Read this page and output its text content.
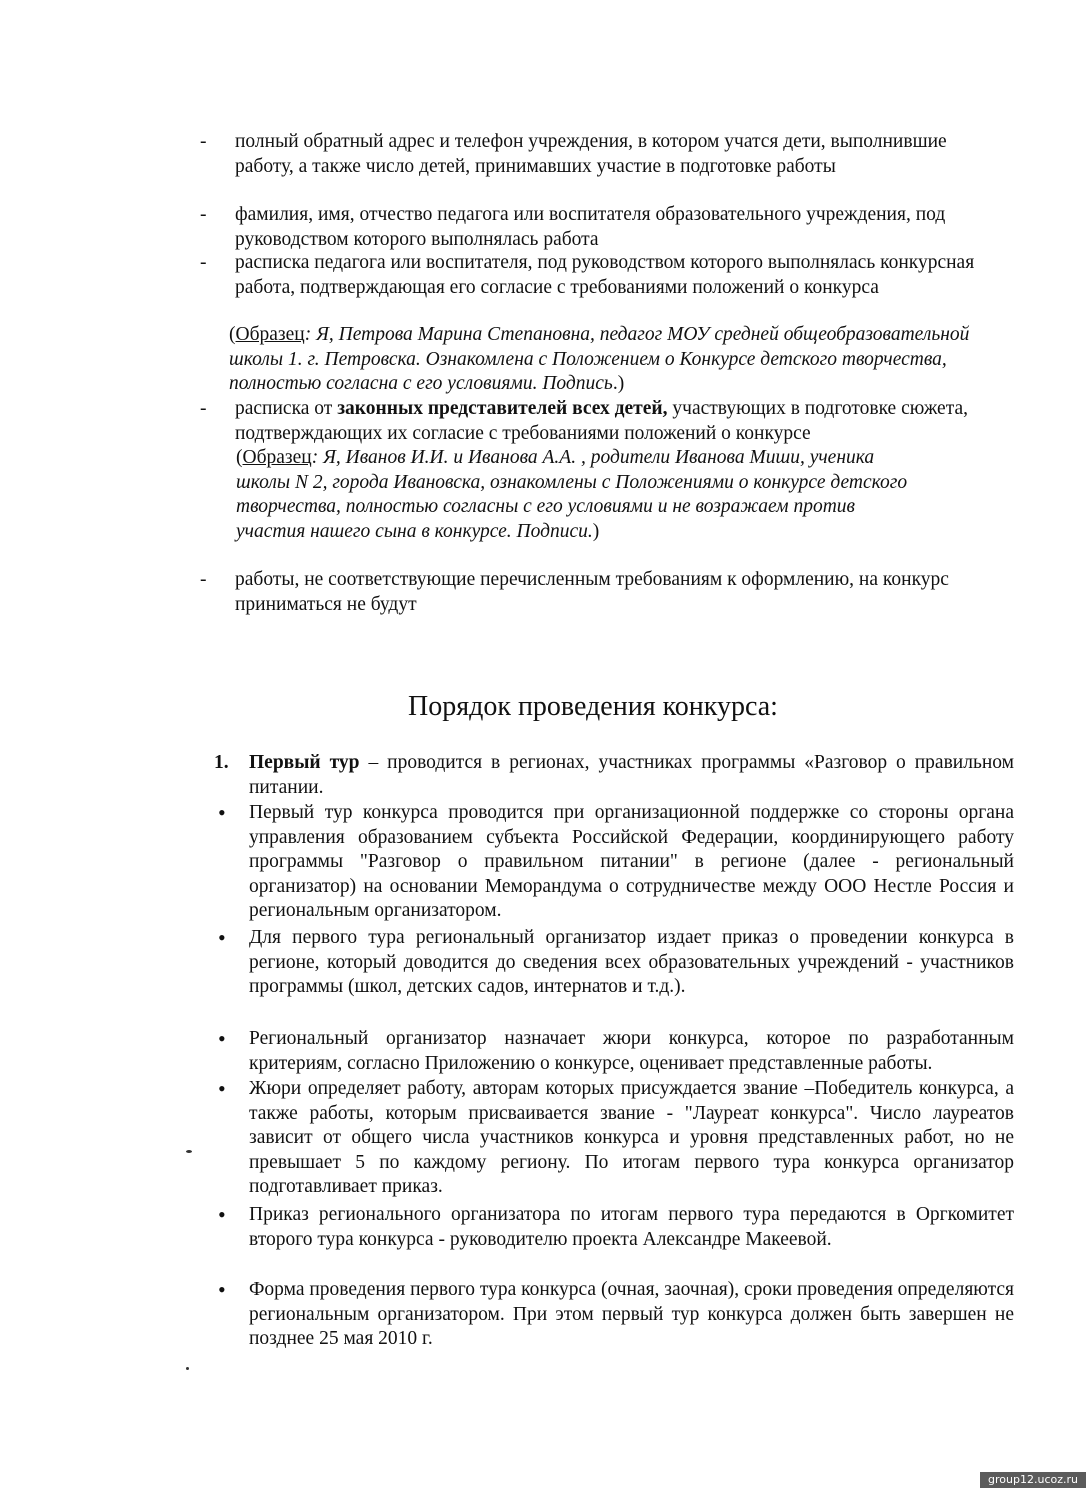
- полный обратный адрес и телефон учреждения, в котором учатся дети, выполнившие работу, а также число детей, принимавших участие в подготовке работы
- фамилия, имя, отчество педагога или воспитателя образовательного учреждения, под руководством которого выполнялась работа
- расписка педагога или воспитателя, под руководством которого выполнялась конкурсная работа, подтверждающая его согласие с требованиями положений о конкурса
(Образец: Я, Петрова Марина Степановна, педагог МОУ средней общеобразовательной школы 1. г. Петровска. Ознакомлена с Положением о Конкурсе детского творчества, полностью согласна с его условиями. Подпись.)
- расписка от законных представителей всех детей, участвующих в подготовке сюжета, подтверждающих их согласие с требованиями положений о конкурсе
(Образец: Я, Иванов И.И. и Иванова А.А. , родители Иванова Миши, ученика школы N 2, города Ивановска, ознакомлены с Положениями о конкурсе детского творчества, полностью согласны с его условиями и не возражаем против участия нашего сына в конкурсе. Подписи.)
- работы, не соответствующие перечисленным требованиям к оформлению, на конкурс приниматься не будут
Порядок проведения конкурса:
1. Первый тур – проводится в регионах, участниках программы «Разговор о правильном питании.
• Первый тур конкурса проводится при организационной поддержке со стороны органа управления образованием субъекта Российской Федерации, координирующего работу программы "Разговор о правильном питании" в регионе (далее - региональный организатор) на основании Меморандума о сотрудничестве между ООО Нестле Россия и региональным организатором.
• Для первого тура региональный организатор издает приказ о проведении конкурса в регионе, который доводится до сведения всех образовательных учреждений - участников программы (школ, детских садов, интернатов и т.д.).
• Региональный организатор назначает жюри конкурса, которое по разработанным критериям, согласно Приложению о конкурсе, оценивает представленные работы.
• Жюри определяет работу, авторам которых присуждается звание –Победитель конкурса, а также работы, которым присваивается звание - "Лауреат конкурса". Число лауреатов зависит от общего числа участников конкурса и уровня представленных работ, но не превышает 5 по каждому региону. По итогам первого тура конкурса организатор подготавливает приказ.
• Приказ регионального организатора по итогам первого тура передаются в Оргкомитет второго тура конкурса - руководителю проекта Александре Макеевой.
• Форма проведения первого тура конкурса (очная, заочная), сроки проведения определяются региональным организатором. При этом первый тур конкурса должен быть завершен не позднее 25 мая 2010 г.
group12.ucoz.ru
